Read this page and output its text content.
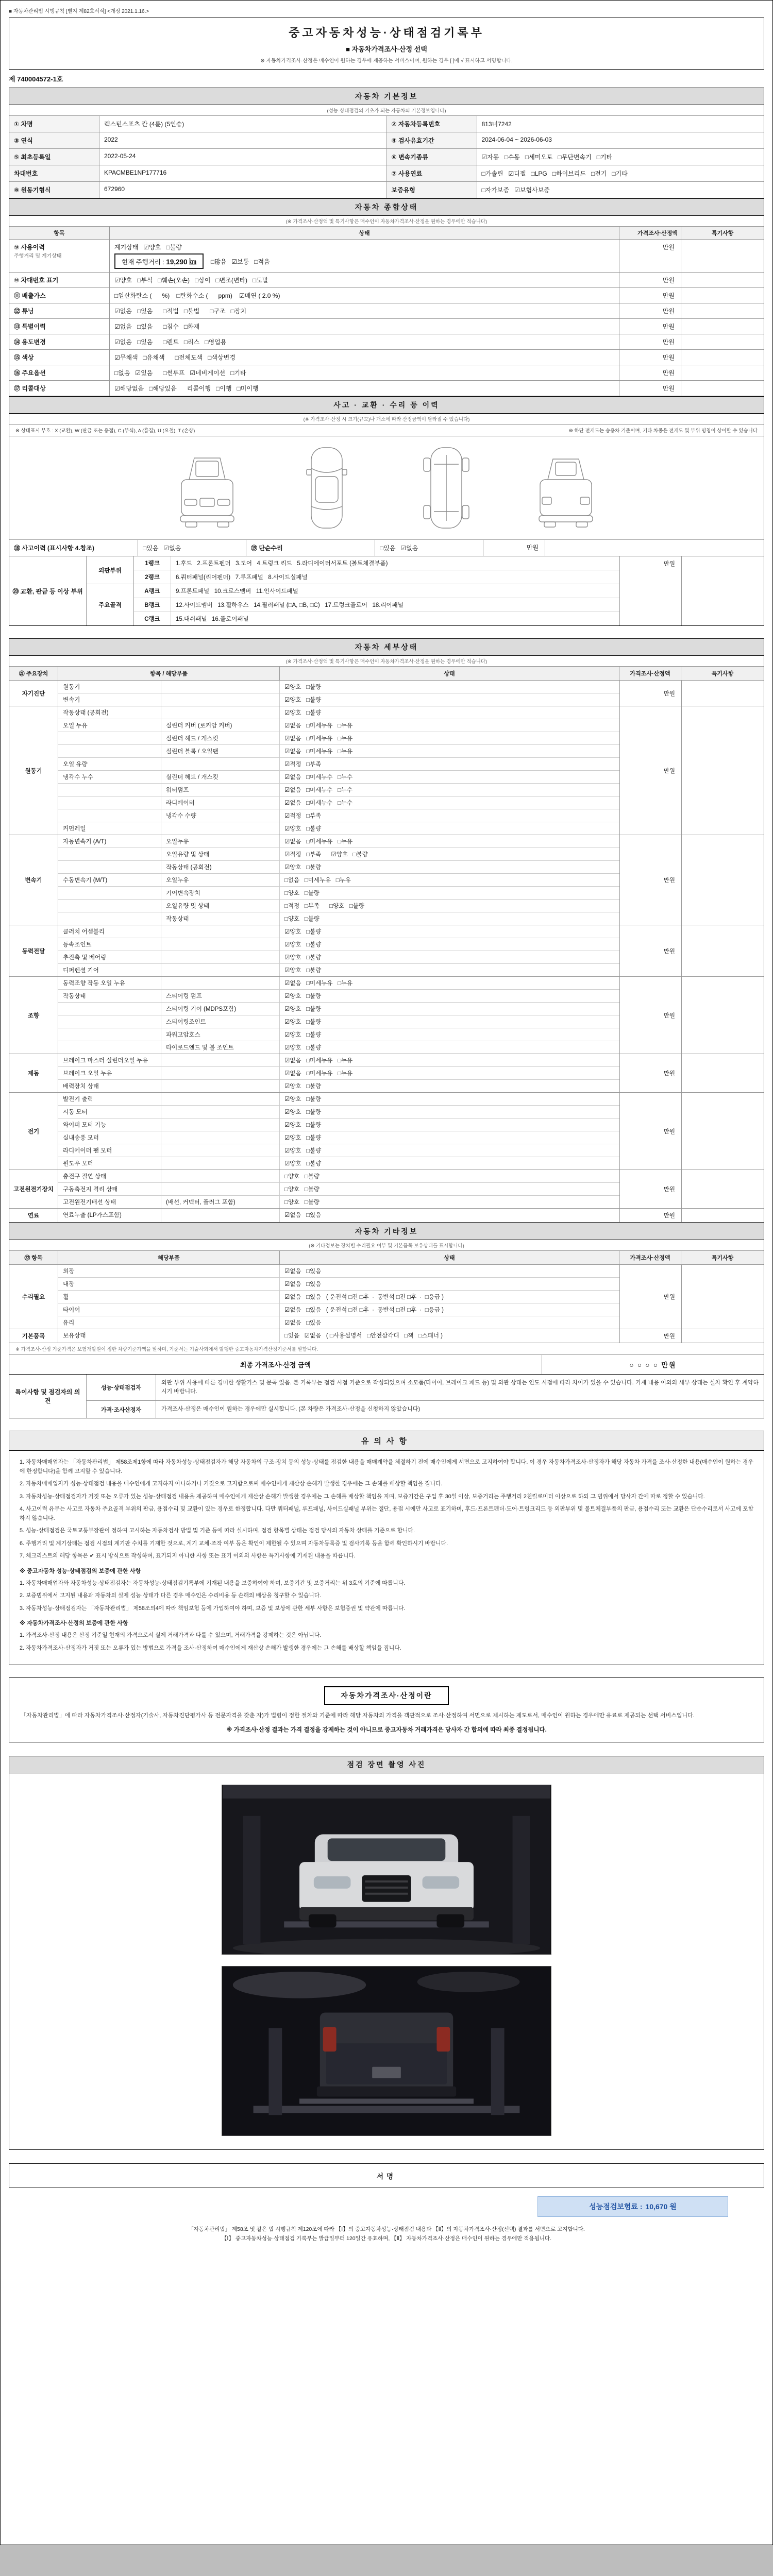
■ 자동차관리법 시행규칙 [별지 제82호서식] <개정 2021.1.16.>
중고자동차성능·상태점검기록부
■ 자동차가격조사·산정 선택
※ 자동차가격조사·산정은 매수인이 원하는 경우에 제공하는 서비스이며, 원하는 경우 [ ]에 √ 표시하고 서명합니다.
제 740004572-1호
자동차 기본정보
(성능·상태점검의 기초가 되는 자동차의 기본정보입니다)
① 차명	렉스턴스포츠 칸 (4륜) (5인승)	② 자동차등록번호	813너7242
③ 연식	2022	④ 검사유효기간	2024-06-04 ~ 2026-06-03
⑤ 최초등록일	2022-05-24	⑥ 변속기종류	☑자동   □수동   □세미오토   □무단변속기   □기타
차대번호	KPACMBE1NP177716	⑦ 사용연료	□가솔린   ☑디젤   □LPG   □하이브리드   □전기   □기타
⑧ 원동기형식	672960	보증유형	□자가보증   ☑보험사보증
자동차 종합상태
(※ 가격조사·산정액 및 특기사항은 매수인이 자동차가격조사·산정을 원하는 경우에만 적습니다)
항목	상태	가격조사·산정액	특기사항
⑨ 사용이력
주행거리 및 계기상태
계기상태   ☑양호   □불량
현재 주행거리 : 19,290 ㎞	□많음   ☑보통   □적음
만원
⑩ 차대번호 표기	☑양호   □부식   □훼손(오손)   □상이   □변조(변타)   □도말	만원
⑪ 배출가스	□일산화탄소 (      %)    □탄화수소 (      ppm)    ☑매연 ( 2.0 %)	만원
⑫ 튜닝	☑없음   □있음      □적법   □불법      □구조   □장치	만원
⑬ 특별이력	☑없음   □있음      □침수   □화재	만원
⑭ 용도변경	☑없음   □있음      □렌트   □리스   □영업용	만원
⑮ 색상	☑무채색   □유채색      □전체도색   □색상변경	만원
⑯ 주요옵션	□없음   ☑있음      □썬루프   ☑네비게이션   □기타	만원
⑰ 리콜대상	☑해당없음   □해당있음      리콜이행   □이행   □미이행	만원
사고 · 교환 · 수리 등 이력
(※ 가격조사·산정 시 크기(규모)나 개소에 따라 산정금액이 달라질 수 있습니다)
※ 상태표시 부호 : X (교환), W (판금 또는 용접), C (부식), A (흠집), U (요철), T (손상)	※ 하단 전개도는 승용차 기준이며, 기타 차종은 전개도 및 부위 명칭이 상이할 수 있습니다
⑱ 사고이력 (표시사항 4.참조)	□있음   ☑없음	⑲ 단순수리	□있음   ☑없음	만원
⑳ 교환, 판금 등 이상 부위
외판부위
1랭크	1.후드   2.프론트펜더   3.도어   4.트렁크 리드   5.라디에이터서포트 (볼트체결부품)
2랭크	6.쿼터패널(리어펜더)   7.루프패널   8.사이드실패널
주요골격
A랭크	9.프론트패널   10.크로스멤버   11.인사이드패널
B랭크	12.사이드멤버   13.휠하우스   14.필러패널 (□A, □B, □C)   17.트렁크플로어   18.리어패널
C랭크	15.대쉬패널   16.플로어패널
만원
자동차 세부상태
(※ 가격조사·산정액 및 특기사항은 매수인이 자동차가격조사·산정을 원하는 경우에만 적습니다)
㉑ 주요장치	항목 / 해당부품	상태	가격조사·산정액	특기사항
자기진단
원동기	☑양호   □불량
변속기	☑양호   □불량
만원
원동기
작동상태 (공회전)	☑양호   □불량
오일 누유	실린더 커버 (로커암 커버)	☑없음   □미세누유   □누유
실린더 헤드 / 개스킷	☑없음   □미세누유   □누유
실린더 블록 / 오일팬	☑없음   □미세누유   □누유
오일 유량	☑적정   □부족
냉각수 누수	실린더 헤드 / 개스킷	☑없음   □미세누수   □누수
워터펌프	☑없음   □미세누수   □누수
라디에이터	☑없음   □미세누수   □누수
냉각수 수량	☑적정   □부족
커먼레일	☑양호   □불량
만원
변속기
자동변속기 (A/T)	오일누유	☑없음   □미세누유   □누유
오일유량 및 상태	☑적정   □부족      ☑양호   □불량
작동상태 (공회전)	☑양호   □불량
수동변속기 (M/T)	오일누유	□없음   □미세누유   □누유
기어변속장치	□양호   □불량
오일유량 및 상태	□적정   □부족      □양호   □불량
작동상태	□양호   □불량
만원
동력전달
클러치 어셈블리	☑양호   □불량
등속조인트	☑양호   □불량
추진축 및 베어링	☑양호   □불량
디퍼렌셜 기어	☑양호   □불량
만원
조향
동력조향 작동 오일 누유	☑없음   □미세누유   □누유
작동상태	스티어링 펌프	☑양호   □불량
스티어링 기어 (MDPS포함)	☑양호   □불량
스티어링조인트	☑양호   □불량
파워고압호스	☑양호   □불량
타이로드엔드 및 볼 조인트	☑양호   □불량
만원
제동
브레이크 마스터 실린더오일 누유	☑없음   □미세누유   □누유
브레이크 오일 누유	☑없음   □미세누유   □누유
배력장치 상태	☑양호   □불량
만원
전기
발전기 출력	☑양호   □불량
시동 모터	☑양호   □불량
와이퍼 모터 기능	☑양호   □불량
실내송풍 모터	☑양호   □불량
라디에이터 팬 모터	☑양호   □불량
윈도우 모터	☑양호   □불량
만원
고전원전기장치
충전구 절연 상태	□양호   □불량
구동축전지 격리 상태	□양호   □불량
고전원전기배선 상태	(배선, 커넥터, 플러그 포함)	□양호   □불량
만원
연료	연료누출 (LP가스포함)	☑없음   □있음	만원
자동차 기타정보
(※ 기타정보는 장치별 수리필요 여부 및 기본품목 보유상태를 표시합니다)
㉒ 항목	해당부품	상태	가격조사·산정액	특기사항
수리필요
외장	☑없음   □있음
내장	☑없음   □있음
휠	☑없음   □있음   ( 운전석 □전 □후  ·  동반석 □전 □후  ·  □응급 )
타이어	☑없음   □있음   ( 운전석 □전 □후  ·  동반석 □전 □후  ·  □응급 )
유리	☑없음   □있음
만원
기본품목	보유상태	□있음   ☑없음   ( □사용설명서   □안전삼각대   □잭   □스패너 )	만원
※ 가격조사·산정 기준가격은 보험개발원이 정한 차량기준가액을 말하며, 기준서는 기술사회에서 발행한 중고자동차가격산정기준서를 말합니다.
최종 가격조사·산정 금액	○ ○ ○ ○ 만원
특이사항 및 점검자의 의견
성능·상태점검자
외판 부위 사용에 따른 경미한 생활기스 및 문콕 있음. 본 기록부는 점검 시점 기준으로 작성되었으며 소모품(타이어, 브레이크 패드 등) 및 외관 상태는 인도 시점에 따라 차이가 있을 수 있습니다. 기재 내용 이외의 세부 상태는 실차 확인 후 계약하시기 바랍니다.
가격·조사산정자	가격조사·산정은 매수인이 원하는 경우에만 실시합니다. (본 차량은 가격조사·산정을 신청하지 않았습니다)
유의사항

1. 자동차매매업자는 「자동차관리법」 제58조제1항에 따라 자동차성능·상태점검자가 해당 자동차의 구조·장치 등의 성능·상태를 점검한 내용을 매매계약을 체결하기 전에 매수인에게 서면으로 고지하여야 합니다. 이 경우 자동차가격조사·산정자가 해당 자동차 가격을 조사·산정한 내용(매수인이 원하는 경우에 한정합니다)을 함께 고지할 수 있습니다.

2. 자동차매매업자가 성능·상태점검 내용을 매수인에게 고지하지 아니하거나 거짓으로 고지함으로써 매수인에게 재산상 손해가 발생한 경우에는 그 손해를 배상할 책임을 집니다.

3. 자동차성능·상태점검자가 거짓 또는 오류가 있는 성능·상태점검 내용을 제공하여 매수인에게 재산상 손해가 발생한 경우에는 그 손해를 배상할 책임을 지며, 보증기간은 구입 후 30일 이상, 보증거리는 주행거리 2천킬로미터 이상으로 하되 그 범위에서 당사자 간에 따로 정할 수 있습니다.

4. 사고이력 유무는 사고로 자동차 주요골격 부위의 판금, 용접수리 및 교환이 있는 경우로 한정합니다. 다만 쿼터패널, 루프패널, 사이드실패널 부위는 절단, 용접 시에만 사고로 표기하며, 후드·프론트펜더·도어·트렁크리드 등 외판부위 및 볼트체결부품의 판금, 용접수리 또는 교환은 단순수리로서 사고에 포함하지 않습니다.

5. 성능·상태점검은 국토교통부장관이 정하여 고시하는 자동차검사 방법 및 기준 등에 따라 실시하며, 점검 항목별 상태는 점검 당시의 자동차 상태를 기준으로 합니다.

6. 주행거리 및 계기상태는 점검 시점의 계기판 수치를 기재한 것으로, 계기 교체·조작 여부 등은 확인이 제한될 수 있으며 자동차등록증 및 검사기록 등을 함께 확인하시기 바랍니다.

7. 체크리스트의 해당 항목은 ✔ 표시 방식으로 작성하며, 표기되지 아니한 사항 또는 표기 이외의 사항은 특기사항에 기재된 내용을 따릅니다.

※ 중고자동차 성능·상태점검의 보증에 관한 사항

1. 자동차매매업자와 자동차성능·상태점검자는 자동차성능·상태점검기록부에 기재된 내용을 보증하여야 하며, 보증기간 및 보증거리는 위 3호의 기준에 따릅니다.

2. 보증범위에서 고지된 내용과 자동차의 실제 성능·상태가 다른 경우 매수인은 수리비용 등 손해의 배상을 청구할 수 있습니다.

3. 자동차성능·상태점검자는 「자동차관리법」 제58조의4에 따라 책임보험 등에 가입하여야 하며, 보증 및 보상에 관한 세부 사항은 보험증권 및 약관에 따릅니다.

※ 자동차가격조사·산정의 보증에 관한 사항

1. 가격조사·산정 내용은 산정 기준일 현재의 가격으로서 실제 거래가격과 다를 수 있으며, 거래가격을 강제하는 것은 아닙니다.

2. 자동차가격조사·산정자가 거짓 또는 오류가 있는 방법으로 가격을 조사·산정하여 매수인에게 재산상 손해가 발생한 경우에는 그 손해를 배상할 책임을 집니다.

자동차가격조사·산정이란

「자동차관리법」에 따라 자동차가격조사·산정자(기술사, 자동차진단평가사 등 전문자격을 갖춘 자)가 법령이 정한 절차와 기준에 따라 해당 자동차의 가격을 객관적으로 조사·산정하여 서면으로 제시하는 제도로서, 매수인이 원하는 경우에만 유료로 제공되는 선택 서비스입니다.

※ 가격조사·산정 결과는 가격 결정을 강제하는 것이 아니므로 중고자동차 거래가격은 당사자 간 합의에 따라 최종 결정됩니다.

점검 장면 촬영 사진
서명
성능점검보험료 : 10,670 원

「자동차관리법」 제58조 및 같은 법 시행규칙 제120조에 따라 【Ⅰ】의 중고자동차성능·상태점검 내용과 【Ⅱ】의 자동차가격조사·산정(선택) 결과를 서면으로 고지합니다.

【Ⅰ】 중고자동차성능·상태점검 기록부는 발급일부터 120일간 유효하며, 【Ⅱ】 자동차가격조사·산정은 매수인이 원하는 경우에만 적용됩니다.
